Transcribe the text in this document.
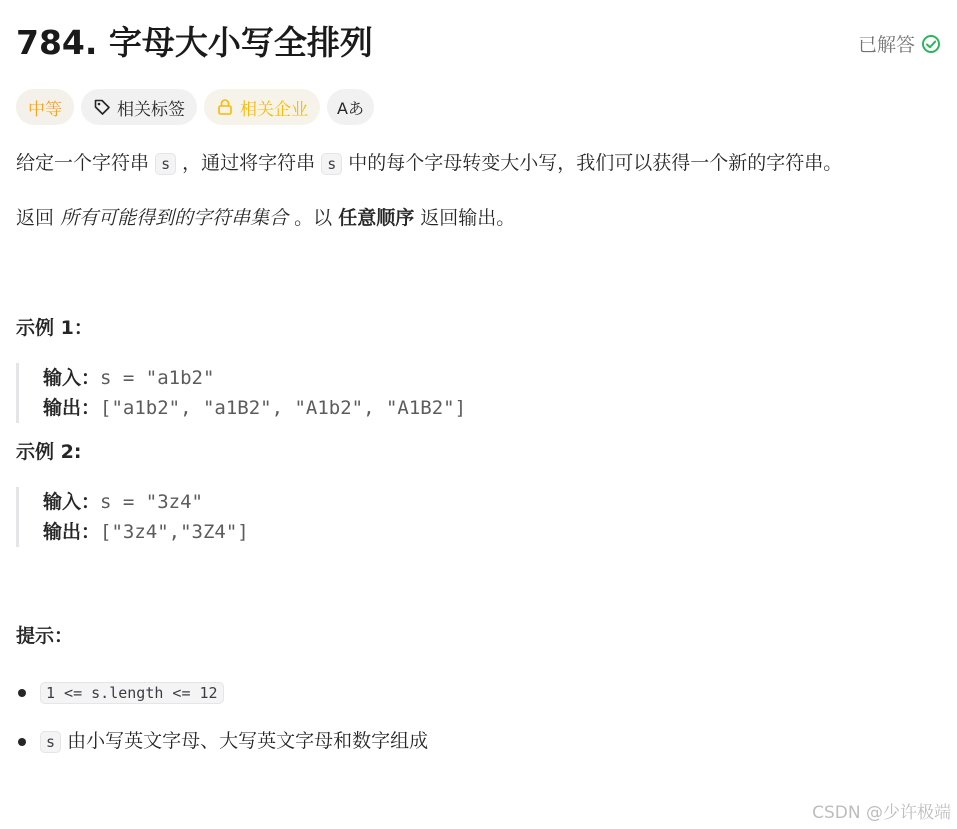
784. 字母大小写全排列	已解答
中等	相关标签	相关企业 Aあ

给定一个字符串 s ，通过将字符串 s 中的每个字母转变大小写，我们可以获得一个新的字符串。

返回 所有可能得到的字符串集合 。以 任意顺序 返回输出。

示例 1：

输入：s = "a1b2"
输出：["a1b2", "a1B2", "A1b2", "A1B2"]

示例 2:

输入：s = "3z4"
输出：["3z4","3Z4"]

提示：

1 <= s.length <= 12
s 由小写英文字母、大写英文字母和数字组成
CSDN @少许极端
